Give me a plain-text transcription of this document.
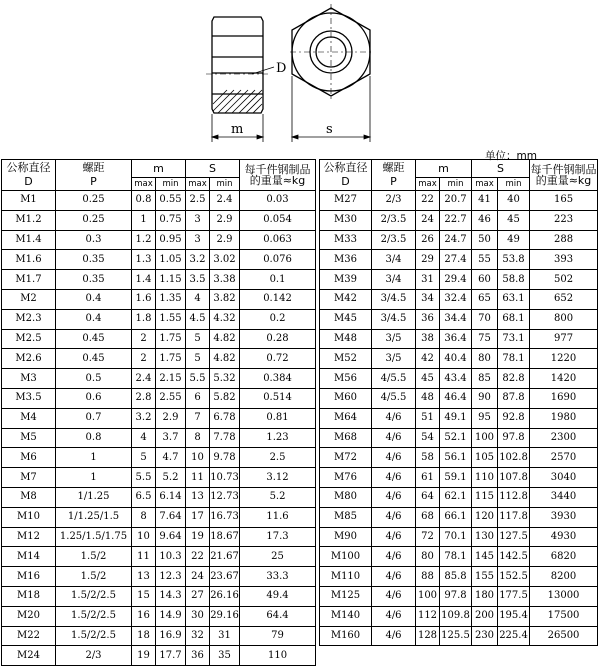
D
m	s
单位：mm
公称直径
D	螺距
P	m		S		每千件钢制品的重量≈kg
		max	min	max	min	
M1	0.25	0.8	0.55	2.5	2.4	0.03
M1.2	0.25	1	0.75	3	2.9	0.054
M1.4	0.3	1.2	0.95	3	2.9	0.063
M1.6	0.35	1.3	1.05	3.2	3.02	0.076
M1.7	0.35	1.4	1.15	3.5	3.38	0.1
M2	0.4	1.6	1.35	4	3.82	0.142
M2.3	0.4	1.8	1.55	4.5	4.32	0.2
M2.5	0.45	2	1.75	5	4.82	0.28
M2.6	0.45	2	1.75	5	4.82	0.72
M3	0.5	2.4	2.15	5.5	5.32	0.384
M3.5	0.6	2.8	2.55	6	5.82	0.514
M4	0.7	3.2	2.9	7	6.78	0.81
M5	0.8	4	3.7	8	7.78	1.23
M6	1	5	4.7	10	9.78	2.5
M7	1	5.5	5.2	11	10.73	3.12
M8	1/1.25	6.5	6.14	13	12.73	5.2
M10	1/1.25/1.5	8	7.64	17	16.73	11.6
M12	1.25/1.5/1.75	10	9.64	19	18.67	17.3
M14	1.5/2	11	10.3	22	21.67	25
M16	1.5/2	13	12.3	24	23.67	33.3
M18	1.5/2/2.5	15	14.3	27	26.16	49.4
M20	1.5/2/2.5	16	14.9	30	29.16	64.4
M22	1.5/2/2.5	18	16.9	32	31	79
M24	2/3	19	17.7	36	35	110
公称直径
D	螺距
P	m		S		每千件钢制品的重量≈kg
		max	min	max	min	
M27	2/3	22	20.7	41	40	165
M30	2/3.5	24	22.7	46	45	223
M33	2/3.5	26	24.7	50	49	288
M36	3/4	29	27.4	55	53.8	393
M39	3/4	31	29.4	60	58.8	502
M42	3/4.5	34	32.4	65	63.1	652
M45	3/4.5	36	34.4	70	68.1	800
M48	3/5	38	36.4	75	73.1	977
M52	3/5	42	40.4	80	78.1	1220
M56	4/5.5	45	43.4	85	82.8	1420
M60	4/5.5	48	46.4	90	87.8	1690
M64	4/6	51	49.1	95	92.8	1980
M68	4/6	54	52.1	100	97.8	2300
M72	4/6	58	56.1	105	102.8	2570
M76	4/6	61	59.1	110	107.8	3040
M80	4/6	64	62.1	115	112.8	3440
M85	4/6	68	66.1	120	117.8	3930
M90	4/6	72	70.1	130	127.5	4930
M100	4/6	80	78.1	145	142.5	6820
M110	4/6	88	85.8	155	152.5	8200
M125	4/6	100	97.8	180	177.5	13000
M140	4/6	112	109.8	200	195.4	17500
M160	4/6	128	125.5	230	225.4	26500
